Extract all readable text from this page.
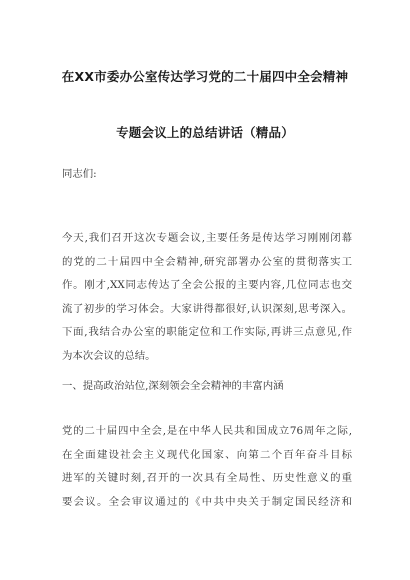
在XX市委办公室传达学习党的二十届四中全会精神
专题会议上的总结讲话（精品）
同志们:
今天,我们召开这次专题会议,主要任务是传达学习刚刚闭幕
的党的二十届四中全会精神,研究部署办公室的贯彻落实工
作。刚才,XX同志传达了全会公报的主要内容,几位同志也交
流了初步的学习体会。大家讲得都很好,认识深刻,思考深入。
下面,我结合办公室的职能定位和工作实际,再讲三点意见,作
为本次会议的总结。
一、提高政治站位,深刻领会全会精神的丰富内涵
党的二十届四中全会,是在中华人民共和国成立76周年之际,
在全面建设社会主义现代化国家、向第二个百年奋斗目标
进军的关键时刻,召开的一次具有全局性、历史性意义的重
要会议。全会审议通过的《中共中央关于制定国民经济和
